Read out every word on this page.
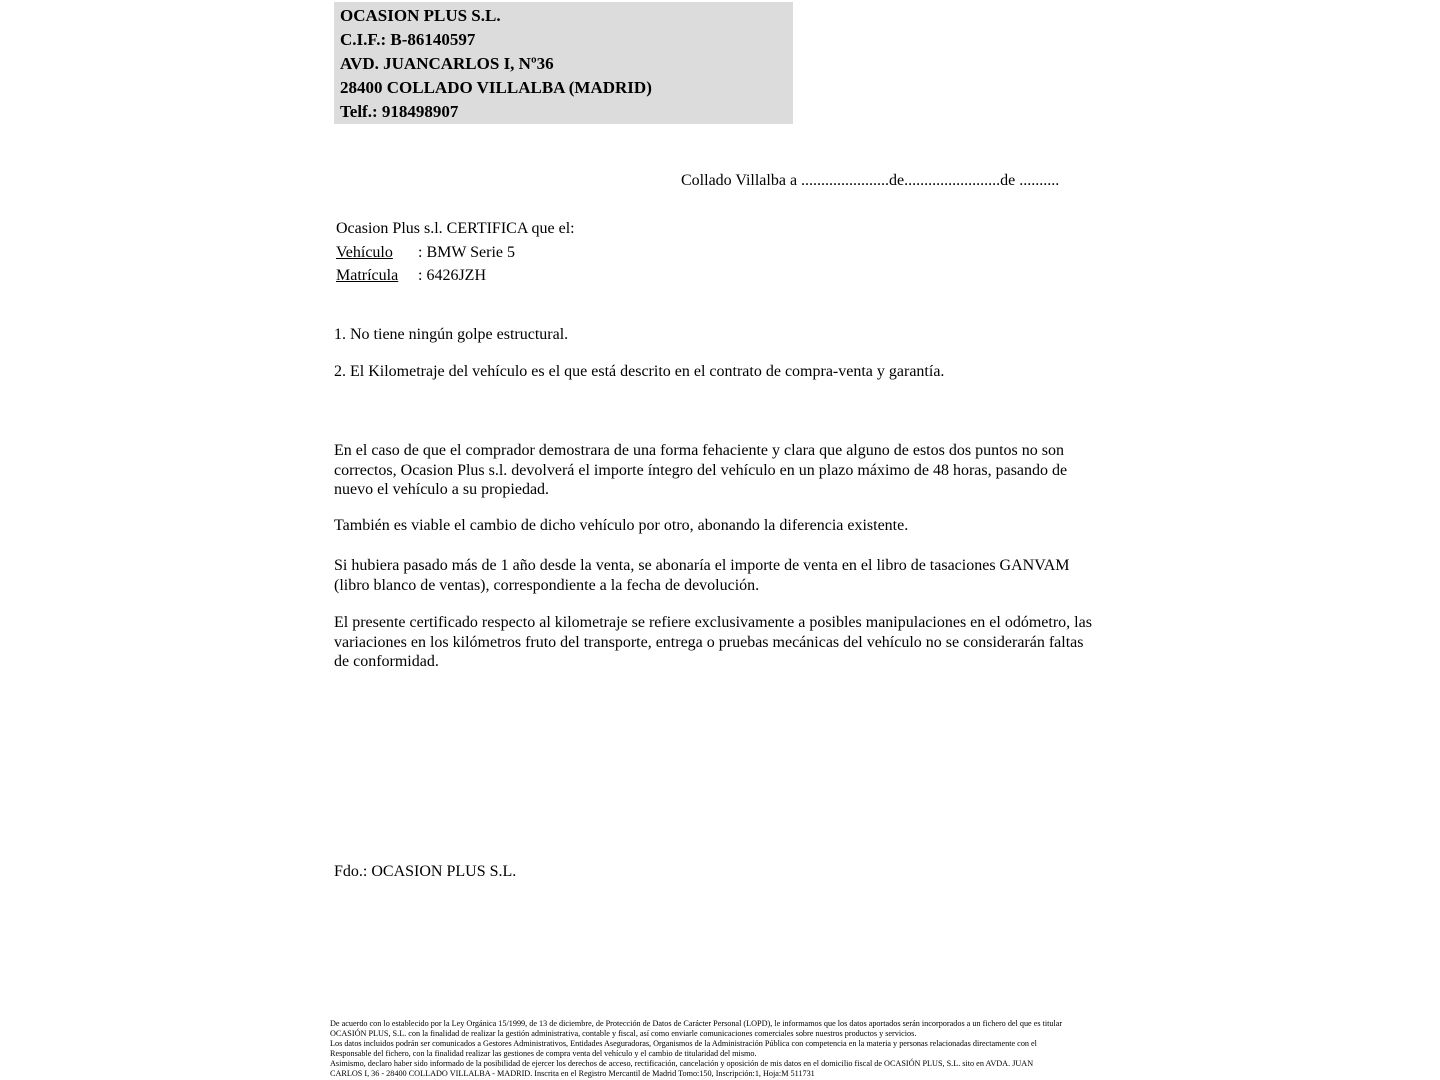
OCASION PLUS S.L.
C.I.F.: B-86140597
AVD. JUANCARLOS I, Nº36
28400 COLLADO VILLALBA (MADRID)
Telf.: 918498907
Collado Villalba a ......................de........................de ..........
Ocasion Plus s.l. CERTIFICA que el:
Vehículo : BMW Serie 5
Matrícula : 6426JZH
1. No tiene ningún golpe estructural.
2. El Kilometraje del vehículo es el que está descrito en el contrato de compra-venta y garantía.
En el caso de que el comprador demostrara de una forma fehaciente y clara que alguno de estos dos puntos no son correctos, Ocasion Plus s.l. devolverá el importe íntegro del vehículo en un plazo máximo de 48 horas, pasando de nuevo el vehículo a su propiedad.
También es viable el cambio de dicho vehículo por otro, abonando la diferencia existente.
Si hubiera pasado más de 1 año desde la venta, se abonaría el importe de venta en el libro de tasaciones GANVAM (libro blanco de ventas), correspondiente a la fecha de devolución.
El presente certificado respecto al kilometraje se refiere exclusivamente a posibles manipulaciones en el odómetro, las variaciones en los kilómetros fruto del transporte, entrega o pruebas mecánicas del vehículo no se considerarán faltas de conformidad.
Fdo.: OCASION PLUS S.L.
De acuerdo con lo establecido por la Ley Orgánica 15/1999, de 13 de diciembre, de Protección de Datos de Carácter Personal (LOPD), le informamos que los datos aportados serán incorporados a un fichero del que es titular
OCASIÓN PLUS, S.L. con la finalidad de realizar la gestión administrativa, contable y fiscal, así como enviarle comunicaciones comerciales sobre nuestros productos y servicios.
Los datos incluidos podrán ser comunicados a Gestores Administrativos, Entidades Aseguradoras, Organismos de la Administración Pública con competencia en la materia y personas relacionadas directamente con el
Responsable del fichero, con la finalidad realizar las gestiones de compra venta del vehículo y el cambio de titularidad del mismo.
Asimismo, declaro haber sido informado de la posibilidad de ejercer los derechos de acceso, rectificación, cancelación y oposición de mis datos en el domicilio fiscal de OCASIÓN PLUS, S.L. sito en AVDA. JUAN
CARLOS I, 36 - 28400 COLLADO VILLALBA - MADRID. Inscrita en el Registro Mercantil de Madrid Tomo:150, Inscripción:1, Hoja:M 511731
